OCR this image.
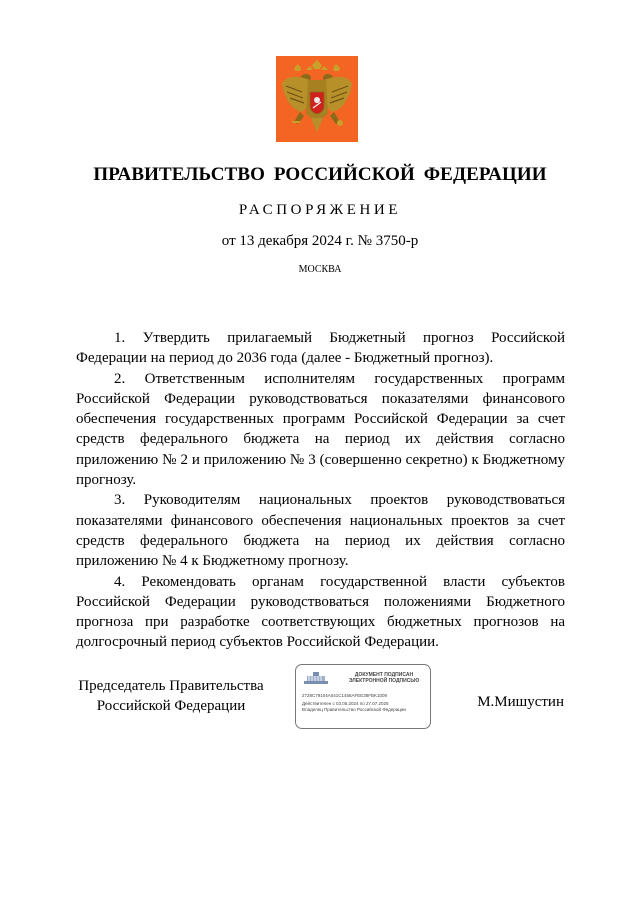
ПРАВИТЕЛЬСТВО РОССИЙСКОЙ ФЕДЕРАЦИИ
РАСПОРЯЖЕНИЕ
от 13 декабря 2024 г. № 3750-р
МОСКВА

1. Утвердить прилагаемый Бюджетный прогноз Российской Федерации на период до 2036 года (далее - Бюджетный прогноз).

2. Ответственным исполнителям государственных программ Российской Федерации руководствоваться показателями финансового обеспечения государственных программ Российской Федерации за счет средств федерального бюджета на период их действия согласно приложению № 2 и приложению № 3 (совершенно секретно) к Бюджетному прогнозу.

3. Руководителям национальных проектов руководствоваться показателями финансового обеспечения национальных проектов за счет средств федерального бюджета на период их действия согласно приложению № 4 к Бюджетному прогнозу.

4. Рекомендовать органам государственной власти субъектов Российской Федерации руководствоваться положениями Бюджетного прогноза при разработке соответствующих бюджетных прогнозов на долгосрочный период субъектов Российской Федерации.

Председатель Правительства
Российской Федерации
ДОКУМЕНТ ПОДПИСАН
ЭЛЕКТРОННОЙ ПОДПИСЬЮ
2728C79104A041C1458AFEE38FBK1009
Действителен с 03.05.2024 по 27.07.2025
Владелец Правительство Российской Федерации	М.Мишустин
